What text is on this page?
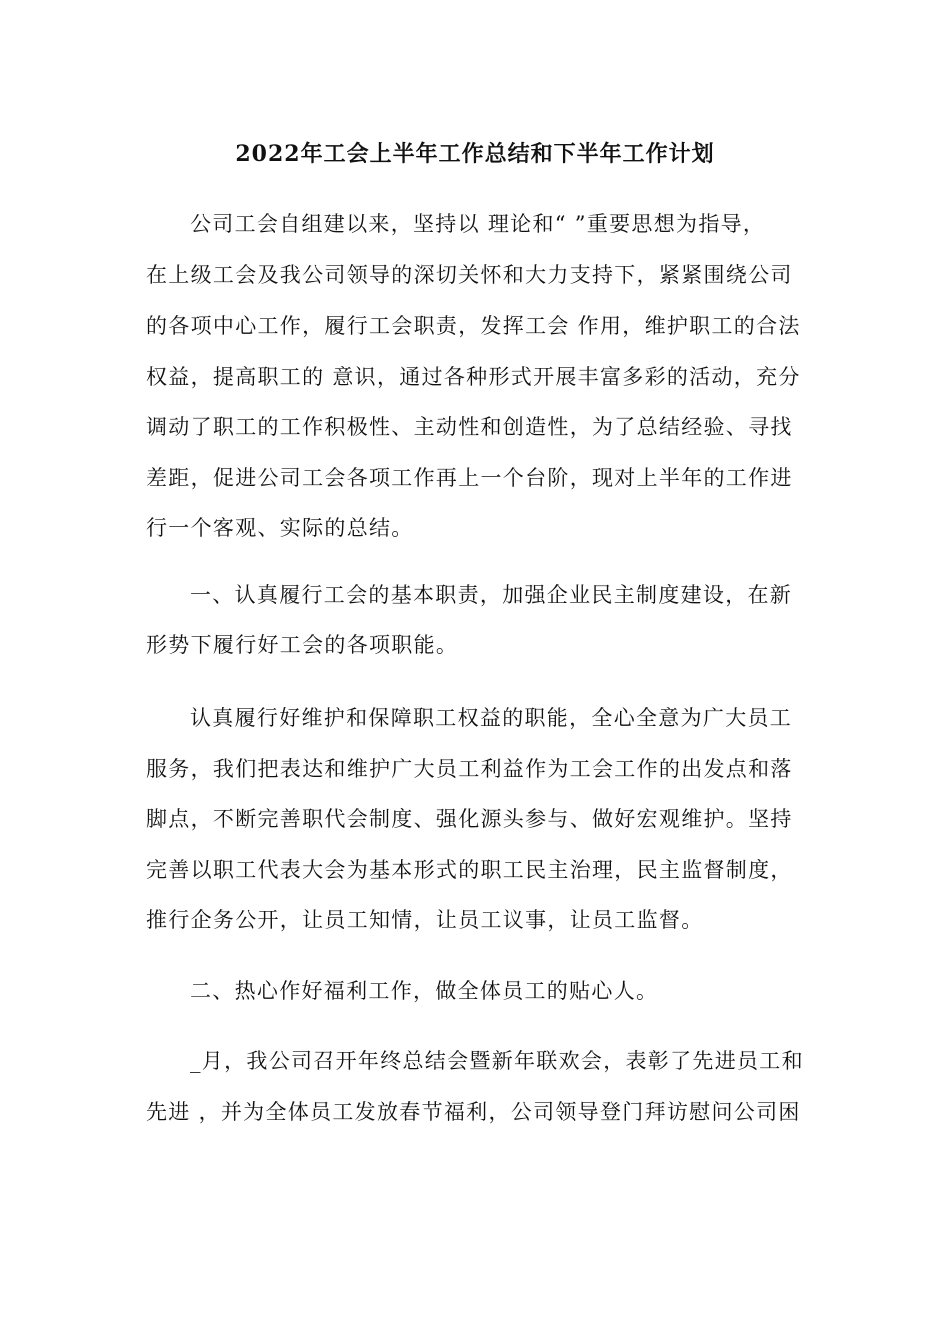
2022年工会上半年工作总结和下半年工作计划
公司工会自组建以来，坚持以 理论和“ ”重要思想为指导，
在上级工会及我公司领导的深切关怀和大力支持下，紧紧围绕公司
的各项中心工作，履行工会职责，发挥工会 作用，维护职工的合法
权益，提高职工的 意识，通过各种形式开展丰富多彩的活动，充分
调动了职工的工作积极性、主动性和创造性，为了总结经验、寻找
差距，促进公司工会各项工作再上一个台阶，现对上半年的工作进
行一个客观、实际的总结。
一、认真履行工会的基本职责，加强企业民主制度建设，在新
形势下履行好工会的各项职能。
认真履行好维护和保障职工权益的职能，全心全意为广大员工
服务，我们把表达和维护广大员工利益作为工会工作的出发点和落
脚点，不断完善职代会制度、强化源头参与、做好宏观维护。坚持
完善以职工代表大会为基本形式的职工民主治理，民主监督制度，
推行企务公开，让员工知情，让员工议事，让员工监督。
二、热心作好福利工作，做全体员工的贴心人。
_月，我公司召开年终总结会暨新年联欢会，表彰了先进员工和
先进 ，并为全体员工发放春节福利，公司领导登门拜访慰问公司困
